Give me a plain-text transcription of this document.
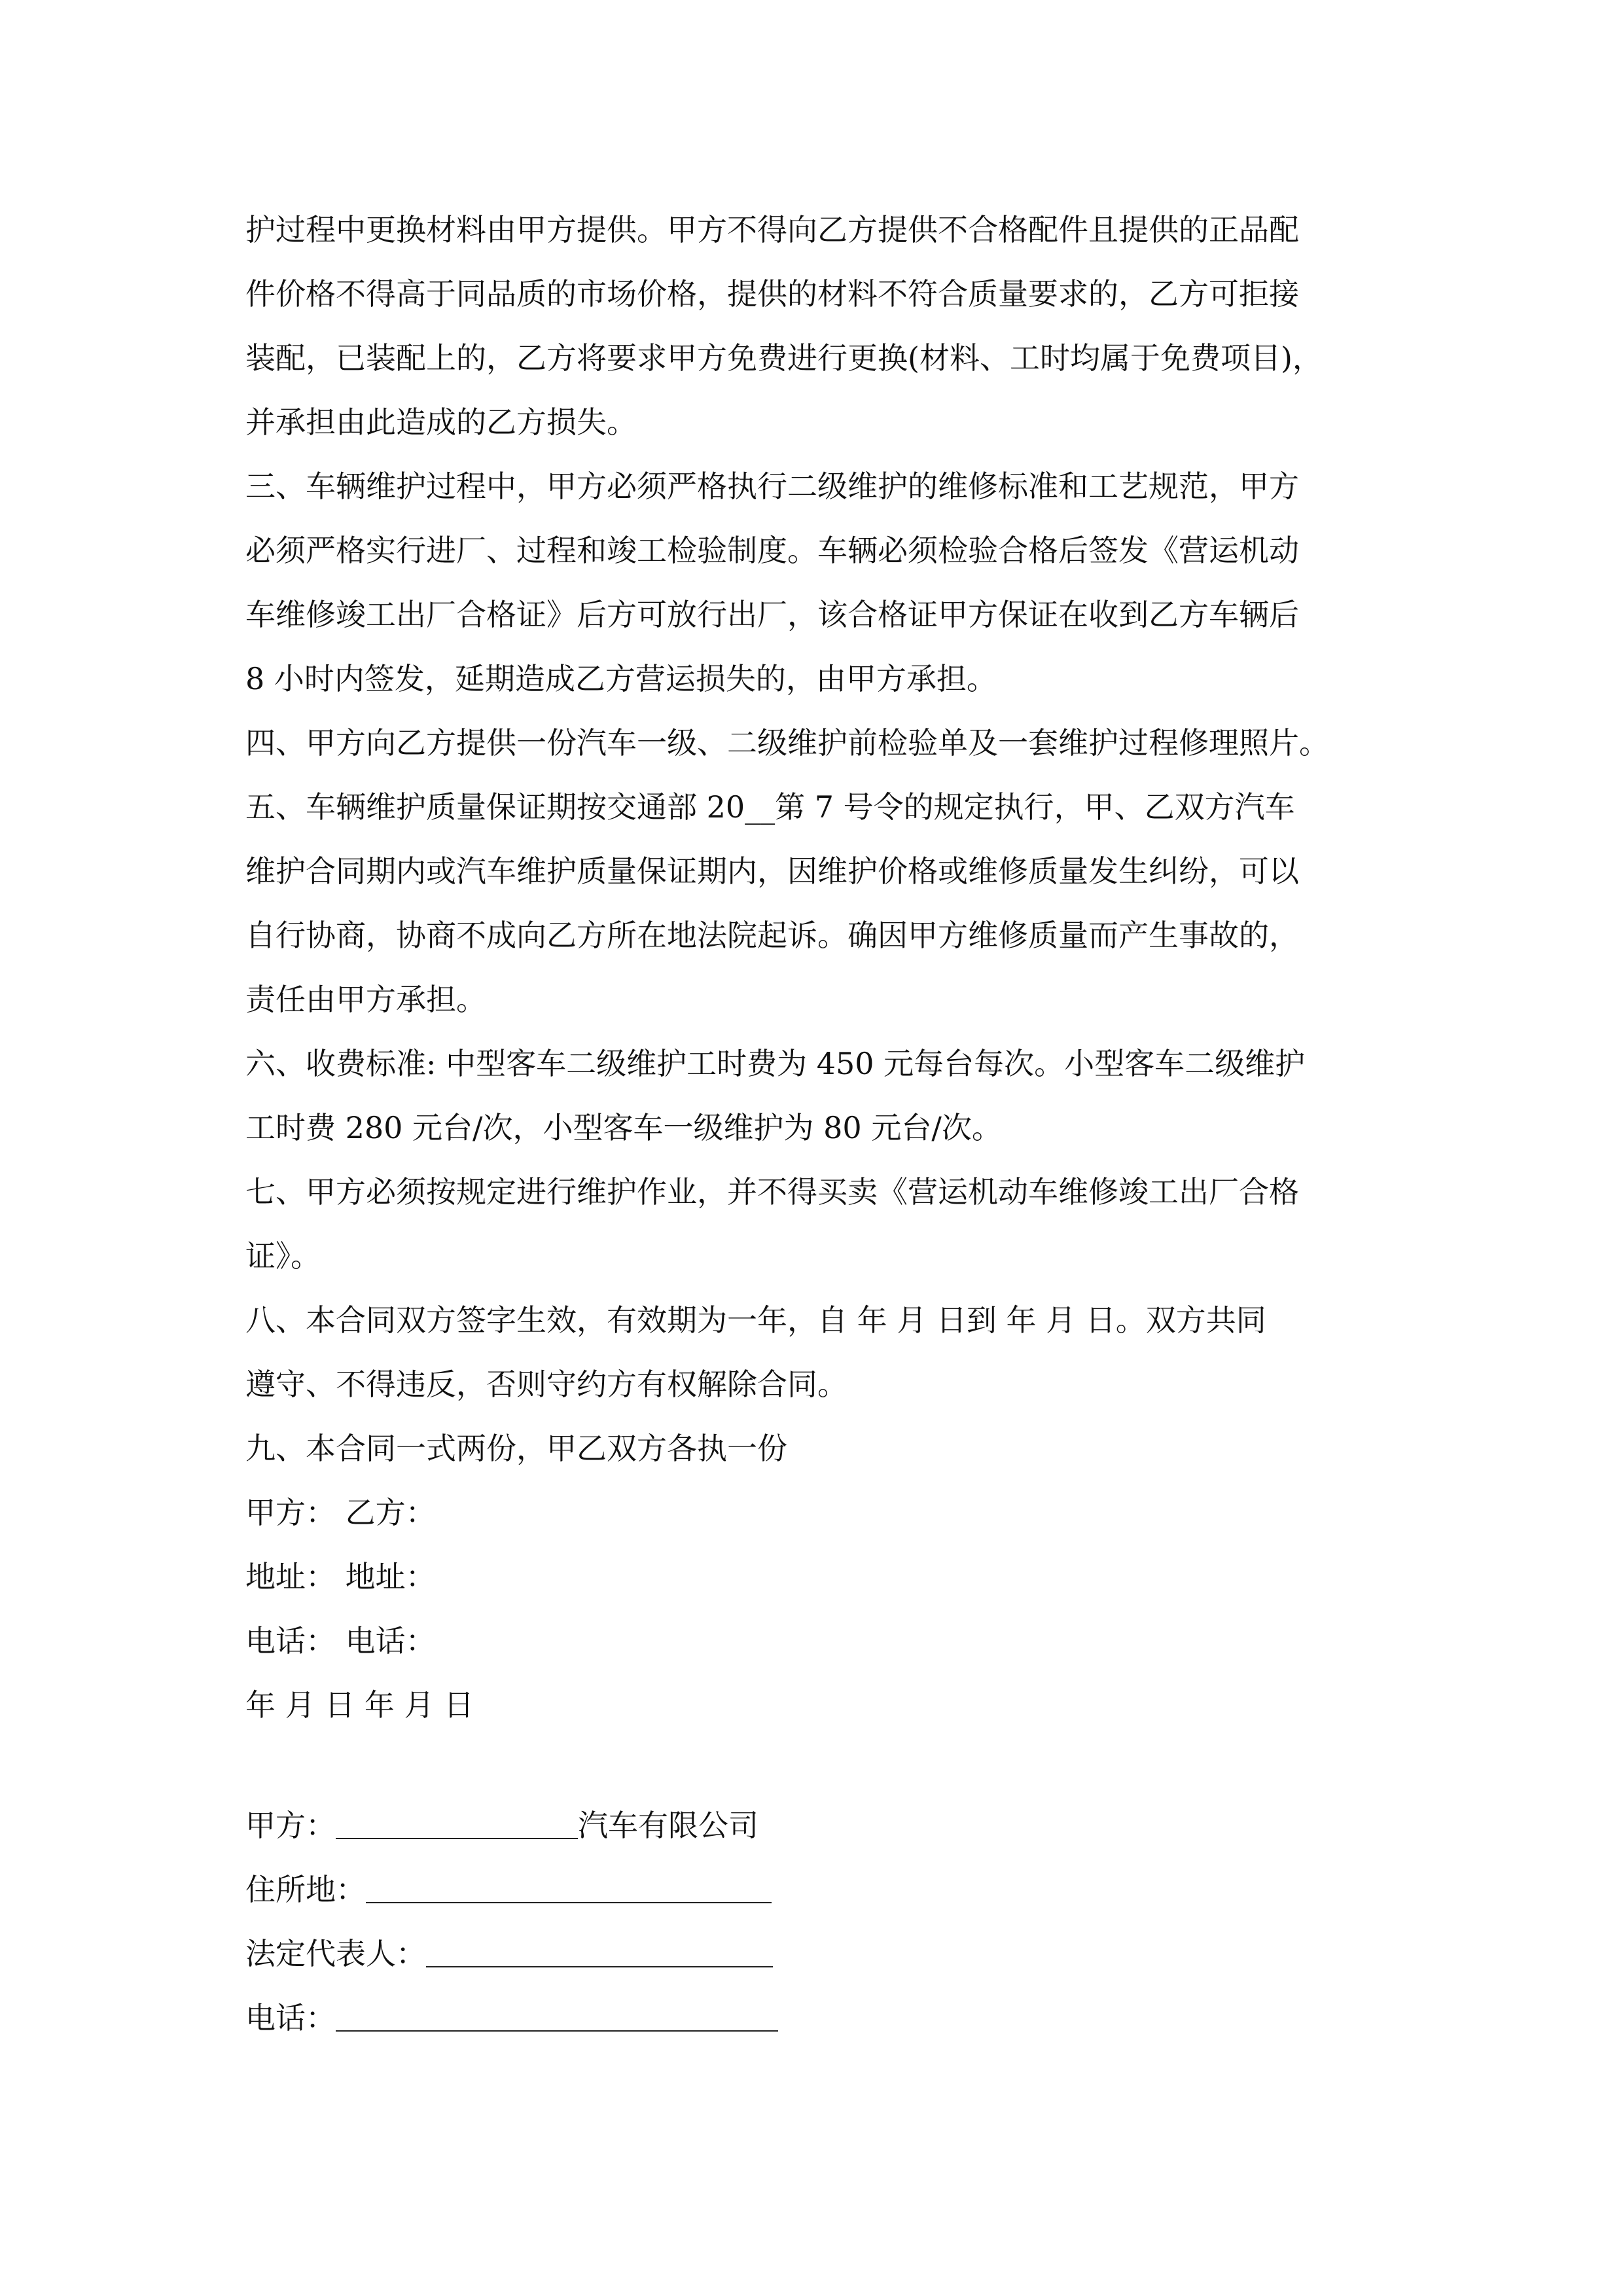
护过程中更换材料由甲方提供。甲方不得向乙方提供不合格配件且提供的正品配
件价格不得高于同品质的市场价格，提供的材料不符合质量要求的，乙方可拒接
装配，已装配上的，乙方将要求甲方免费进行更换(材料、工时均属于免费项目)，
并承担由此造成的乙方损失。
三、车辆维护过程中，甲方必须严格执行二级维护的维修标准和工艺规范，甲方
必须严格实行进厂、过程和竣工检验制度。车辆必须检验合格后签发《营运机动
车维修竣工出厂合格证》后方可放行出厂，该合格证甲方保证在收到乙方车辆后
8 小时内签发，延期造成乙方营运损失的，由甲方承担。
四、甲方向乙方提供一份汽车一级、二级维护前检验单及一套维护过程修理照片。
五、车辆维护质量保证期按交通部 20__第 7 号令的规定执行，甲、乙双方汽车
维护合同期内或汽车维护质量保证期内，因维护价格或维修质量发生纠纷，可以
自行协商，协商不成向乙方所在地法院起诉。确因甲方维修质量而产生事故的，
责任由甲方承担。
六、收费标准: 中型客车二级维护工时费为 450 元每台每次。小型客车二级维护
工时费 280 元台/次，小型客车一级维护为 80 元台/次。
七、甲方必须按规定进行维护作业，并不得买卖《营运机动车维修竣工出厂合格
证》。
八、本合同双方签字生效，有效期为一年，自 年 月 日到 年 月 日。双方共同
遵守、不得违反，否则守约方有权解除合同。
九、本合同一式两份，甲乙双方各执一份
甲方： 乙方：
地址： 地址：
电话： 电话：
年 月 日 年 月 日
甲方：	汽车有限公司
住所地：
法定代表人：
电话：
